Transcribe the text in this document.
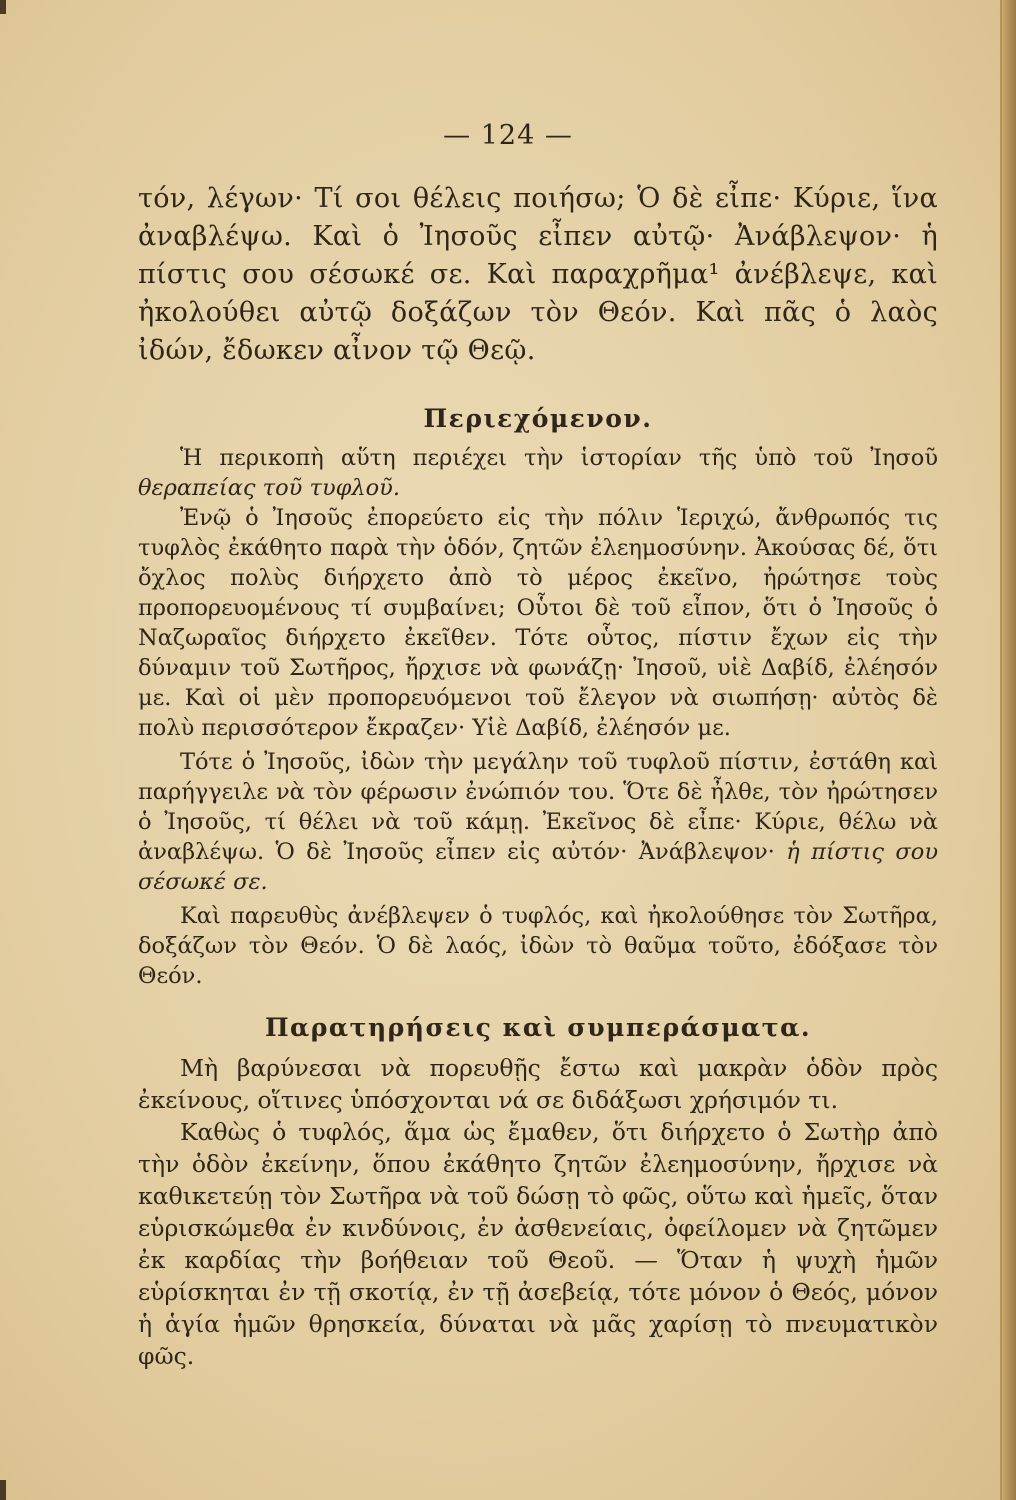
— 124 —

τόν, λέγων· Τί σοι θέλεις ποιήσω; Ὁ δὲ εἶπε· Κύριε, ἵνα ἀναβλέψω. Καὶ ὁ Ἰησοῦς εἶπεν αὐτῷ· Ἀνάβλεψον· ἡ πίστις σου σέσωκέ σε. Καὶ παραχρῆμα¹ ἀνέβλεψε, καὶ ἠκολούθει αὐτῷ δοξάζων τὸν Θεόν. Καὶ πᾶς ὁ λαὸς ἰδών, ἔδωκεν αἶνον τῷ Θεῷ.

Περιεχόμενον.

Ἡ περικοπὴ αὕτη περιέχει τὴν ἱστορίαν τῆς ὑπὸ τοῦ Ἰησοῦ θεραπείας τοῦ τυφλοῦ.

Ἐνῷ ὁ Ἰησοῦς ἐπορεύετο εἰς τὴν πόλιν Ἱεριχώ, ἄνθρωπός τις τυφλὸς ἐκάθητο παρὰ τὴν ὁδόν, ζητῶν ἐλεημοσύνην. Ἀκούσας δέ, ὅτι ὄχλος πολὺς διήρχετο ἀπὸ τὸ μέρος ἐκεῖνο, ἠρώτησε τοὺς προπορευομένους τί συμβαίνει; Οὗτοι δὲ τοῦ εἶπον, ὅτι ὁ Ἰησοῦς ὁ Ναζωραῖος διήρχετο ἐκεῖθεν. Τότε οὗτος, πίστιν ἔχων εἰς τὴν δύναμιν τοῦ Σωτῆρος, ἤρχισε νὰ φωνάζῃ· Ἰησοῦ, υἱὲ Δαβίδ, ἐλέησόν με. Καὶ οἱ μὲν προπορευόμενοι τοῦ ἔλεγον νὰ σιωπήσῃ· αὐτὸς δὲ πολὺ περισσότερον ἔκραζεν· Υἱὲ Δαβίδ, ἐλέησόν με.

Τότε ὁ Ἰησοῦς, ἰδὼν τὴν μεγάλην τοῦ τυφλοῦ πίστιν, ἐστάθη καὶ παρήγγειλε νὰ τὸν φέρωσιν ἐνώπιόν του. Ὅτε δὲ ἦλθε, τὸν ἠρώτησεν ὁ Ἰησοῦς, τί θέλει νὰ τοῦ κάμῃ. Ἐκεῖνος δὲ εἶπε· Κύριε, θέλω νὰ ἀναβλέψω. Ὁ δὲ Ἰησοῦς εἶπεν εἰς αὐτόν· Ἀνάβλεψον· ἡ πίστις σου σέσωκέ σε.

Καὶ παρευθὺς ἀνέβλεψεν ὁ τυφλός, καὶ ἠκολούθησε τὸν Σωτῆρα, δοξάζων τὸν Θεόν. Ὁ δὲ λαός, ἰδὼν τὸ θαῦμα τοῦτο, ἐδόξασε τὸν Θεόν.

Παρατηρήσεις καὶ συμπεράσματα.

Μὴ βαρύνεσαι νὰ πορευθῇς ἔστω καὶ μακρὰν ὁδὸν πρὸς ἐκείνους, οἵτινες ὑπόσχονται νά σε διδάξωσι χρήσιμόν τι.

Καθὼς ὁ τυφλός, ἅμα ὡς ἔμαθεν, ὅτι διήρχετο ὁ Σωτὴρ ἀπὸ τὴν ὁδὸν ἐκείνην, ὅπου ἐκάθητο ζητῶν ἐλεημοσύνην, ἤρχισε νὰ καθικετεύῃ τὸν Σωτῆρα νὰ τοῦ δώσῃ τὸ φῶς, οὕτω καὶ ἡμεῖς, ὅταν εὑρισκώμεθα ἐν κινδύνοις, ἐν ἀσθενείαις, ὀφείλομεν νὰ ζητῶμεν ἐκ καρδίας τὴν βοήθειαν τοῦ Θεοῦ. — Ὅταν ἡ ψυχὴ ἡμῶν εὑρίσκηται ἐν τῇ σκοτίᾳ, ἐν τῇ ἀσεβείᾳ, τότε μόνον ὁ Θεός, μόνον ἡ ἁγία ἡμῶν θρησκεία, δύναται νὰ μᾶς χαρίσῃ τὸ πνευματικὸν φῶς.
